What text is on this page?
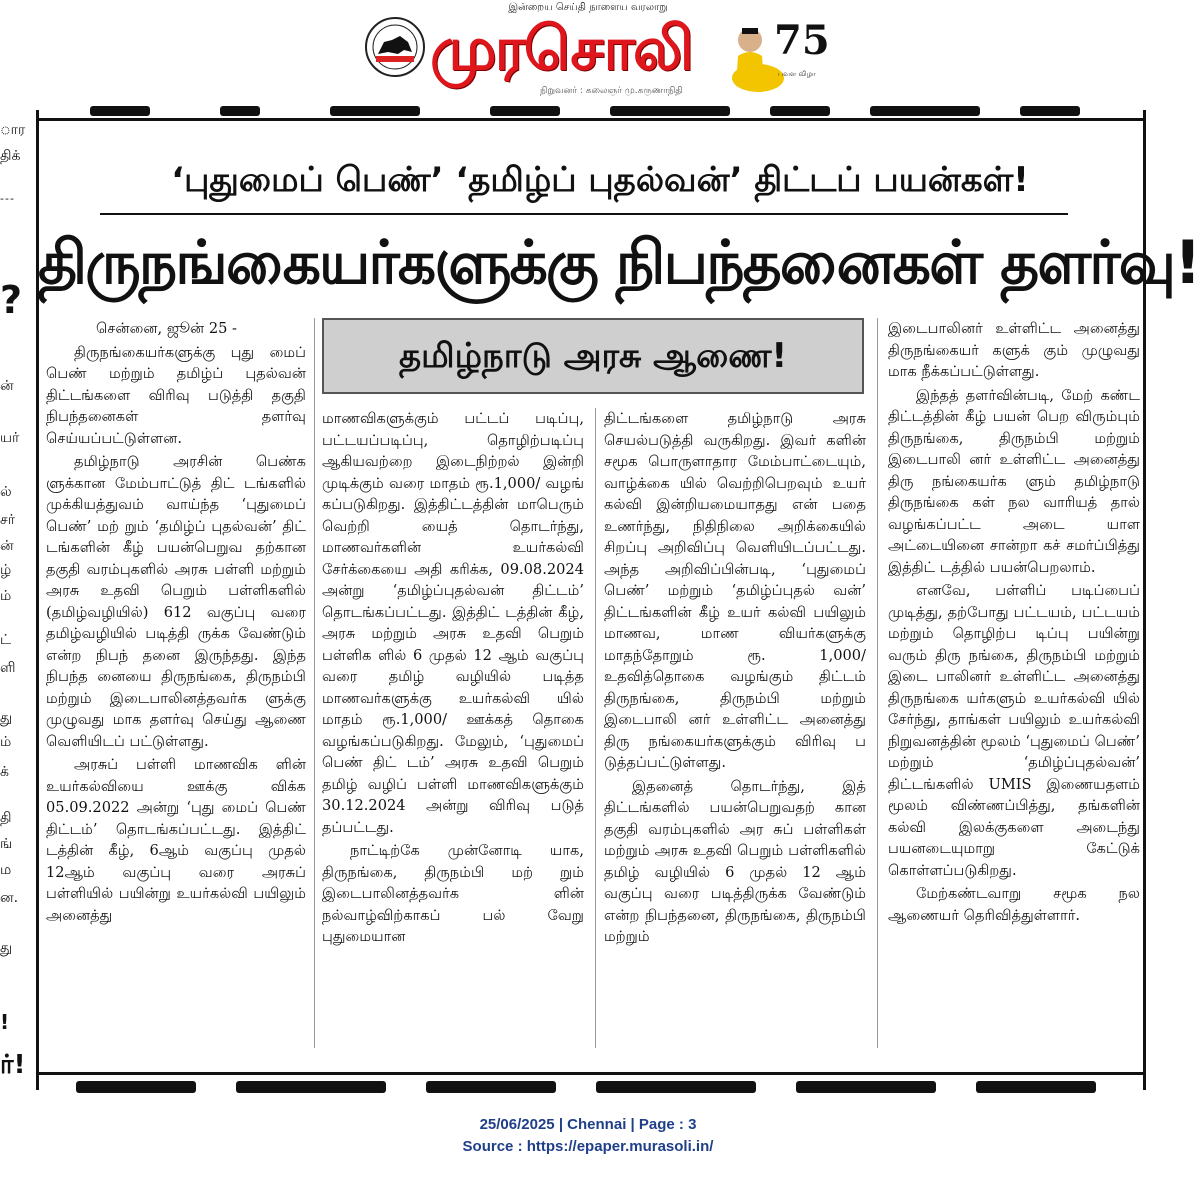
இன்றைய செய்தி நாளைய வரலாறு
முரசொலி
நிறுவனர் : கலைஞர் மு.கருணாநிதி
75
பவள விழா
ார
திக்
---
?
ன்
யர்
ல்
சர்
ன்
ழ்
ம்
ட்
ளி
து
ம்
க்
தி
ங்
ம
ன.
து
!
ர்!
‘புதுமைப் பெண்’ ‘தமிழ்ப் புதல்வன்’ திட்டப் பயன்கள்!
திருநங்கையர்களுக்கு நிபந்தனைகள் தளர்வு!
தமிழ்நாடு அரசு ஆணை!

சென்னை, ஜூன் 25 -

திருநங்கையர்களுக்கு புது மைப் பெண் மற்றும் தமிழ்ப் புதல்வன் திட்டங்களை விரிவு படுத்தி தகுதி நிபந்தனைகள் தளர்வு செய்யப்பட்டுள்ளன.

தமிழ்நாடு அரசின் பெண்க ளுக்கான மேம்பாட்டுத் திட் டங்களில் முக்கியத்துவம் வாய்ந்த ‘புதுமைப் பெண்’ மற் றும் ‘தமிழ்ப் புதல்வன்’ திட் டங்களின் கீழ் பயன்பெறுவ தற்கான தகுதி வரம்புகளில் அரசு பள்ளி மற்றும் அரசு உதவி பெறும் பள்ளிகளில் (தமிழ்வழியில்) 612 வகுப்பு வரை தமிழ்வழியில் படித்தி ருக்க வேண்டும் என்ற நிபந் தனை இருந்தது. இந்த நிபந்த னையை திருநங்கை, திருநம்பி மற்றும் இடைபாலினத்தவர்க ளுக்கு முழுவது மாக தளர்வு செய்து ஆணை வெளியிடப் பட்டுள்ளது.

அரசுப் பள்ளி மாணவிக ளின் உயர்கல்வியை ஊக்கு விக்க 05.09.2022 அன்று ‘புது மைப் பெண் திட்டம்’ தொடங்கப்பட்டது. இத்திட் டத்தின் கீழ், 6ஆம் வகுப்பு முதல் 12ஆம் வகுப்பு வரை அரசுப் பள்ளியில் பயின்று உயர்கல்வி பயிலும் அனைத்து

மாணவிகளுக்கும் பட்டப் படிப்பு, பட்டயப்படிப்பு, தொழிற்படிப்பு ஆகியவற்றை இடைநிற்றல் இன்றி முடிக்கும் வரை மாதம் ரூ.1,000/ வழங் கப்படுகிறது. இத்திட்டத்தின் மாபெரும் வெற்றி யைத் தொடர்ந்து, மாணவர்களின் உயர்கல்வி சேர்க்கையை அதி கரிக்க, 09.08.2024 அன்று ‘தமிழ்ப்புதல்வன் திட்டம்’ தொடங்கப்பட்டது. இத்திட் டத்தின் கீழ், அரசு மற்றும் அரசு உதவி பெறும் பள்ளிக ளில் 6 முதல் 12 ஆம் வகுப்பு வரை தமிழ் வழியில் படித்த மாணவர்களுக்கு உயர்கல்வி யில் மாதம் ரூ.1,000/ ஊக்கத் தொகை வழங்கப்படுகிறது. மேலும், ‘புதுமைப் பெண் திட் டம்’ அரசு உதவி பெறும் தமிழ் வழிப் பள்ளி மாணவிகளுக்கும் 30.12.2024 அன்று விரிவு படுத் தப்பட்டது.

நாட்டிற்கே முன்னோடி யாக, திருநங்கை, திருநம்பி மற் றும் இடைபாலினத்தவர்க ளின் நல்வாழ்விற்காகப் பல் வேறு புதுமையான

திட்டங்களை தமிழ்நாடு அரசு செயல்படுத்தி வருகிறது. இவர் களின் சமூக பொருளாதார மேம்பாட்டையும், வாழ்க்கை யில் வெற்றிபெறவும் உயர் கல்வி இன்றியமையாதது என் பதை உணர்ந்து, நிதிநிலை அறிக்கையில் சிறப்பு அறிவிப்பு வெளியிடப்பட்டது. அந்த அறிவிப்பின்படி, ‘புதுமைப் பெண்’ மற்றும் ‘தமிழ்ப்புதல் வன்’ திட்டங்களின் கீழ் உயர் கல்வி பயிலும் மாணவ, மாண வியர்களுக்கு மாதந்தோறும் ரூ. 1,000/ உதவித்தொகை வழங்கும் திட்டம் திருநங்கை, திருநம்பி மற்றும் இடைபாலி னர் உள்ளிட்ட அனைத்து திரு நங்கையர்களுக்கும் விரிவு ப டுத்தப்பட்டுள்ளது.

இதனைத் தொடர்ந்து, இத் திட்டங்களில் பயன்பெறுவதற் கான தகுதி வரம்புகளில் அர சுப் பள்ளிகள் மற்றும் அரசு உதவி பெறும் பள்ளிகளில் தமிழ் வழியில் 6 முதல் 12 ஆம் வகுப்பு வரை படித்திருக்க வேண்டும் என்ற நிபந்தனை, திருநங்கை, திருநம்பி மற்றும்

இடைபாலினர் உள்ளிட்ட அனைத்து திருநங்கையர் களுக் கும் முழுவது மாக நீக்கப்பட்டுள்ளது.

இந்தத் தளர்வின்படி, மேற் கண்ட திட்டத்தின் கீழ் பயன் பெற விரும்பும் திருநங்கை, திருநம்பி மற்றும் இடைபாலி னர் உள்ளிட்ட அனைத்து திரு நங்கையர்க ளும் தமிழ்நாடு திருநங்கை கள் நல வாரியத் தால் வழங்கப்பட்ட அடை யாள அட்டையினை சான்றா கச் சமர்ப்பித்து இத்திட் டத்தில் பயன்பெறலாம்.

எனவே, பள்ளிப் படிப்பைப் முடித்து, தற்போது பட்டயம், பட்டயம் மற்றும் தொழிற்ப டிப்பு பயின்று வரும் திரு நங்கை, திருநம்பி மற்றும் இடை பாலினர் உள்ளிட்ட அனைத்து திருநங்கை யர்களும் உயர்கல்வி யில் சேர்ந்து, தாங்கள் பயிலும் உயர்கல்வி நிறுவனத்தின் மூலம் ‘புதுமைப் பெண்’ மற்றும் ‘தமிழ்ப்புதல்வன்’ திட்டங்களில் UMIS இணையதளம் மூலம் விண்ணப்பித்து, தங்களின் கல்வி இலக்குகளை அடைந்து பயனடையுமாறு கேட்டுக் கொள்ளப்படுகிறது.

மேற்கண்டவாறு சமூக நல ஆணையர் தெரிவித்துள்ளார்.

25/06/2025 | Chennai | Page : 3
Source : https://epaper.murasoli.in/
